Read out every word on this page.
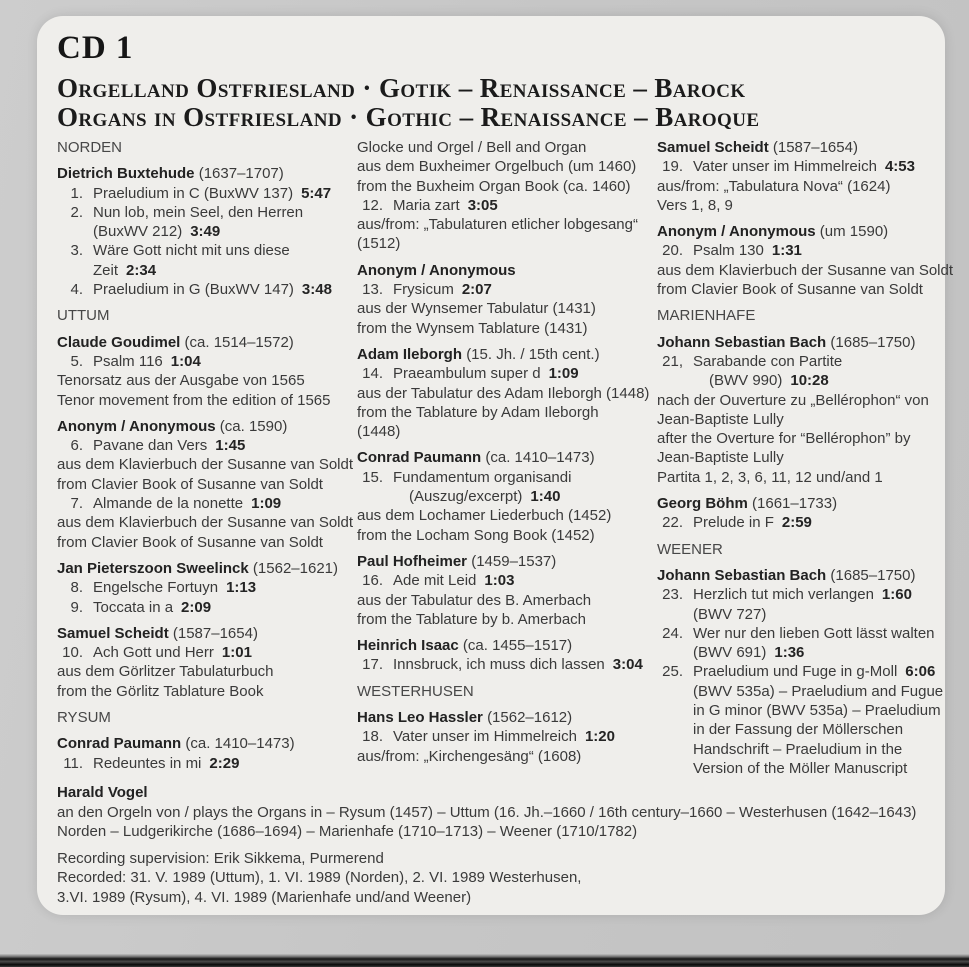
CD 1
Orgelland Ostfriesland · Gotik – Renaissance – Barock
Organs in Ostfriesland · Gothic – Renaissance – Baroque
NORDEN
Dietrich Buxtehude (1637–1707)
1. Praeludium in C (BuxWV 137) 5:47
2. Nun lob, mein Seel, den Herren
(BuxWV 212) 3:49
3. Wäre Gott nicht mit uns diese
Zeit 2:34
4. Praeludium in G (BuxWV 147) 3:48
UTTUM
Claude Goudimel (ca. 1514–1572)
5. Psalm 116 1:04
Tenorsatz aus der Ausgabe von 1565
Tenor movement from the edition of 1565
Anonym / Anonymous (ca. 1590)
6. Pavane dan Vers 1:45
aus dem Klavierbuch der Susanne van Soldt
from Clavier Book of Susanne van Soldt
7. Almande de la nonette 1:09
aus dem Klavierbuch der Susanne van Soldt
from Clavier Book of Susanne van Soldt
Jan Pieterszoon Sweelinck (1562–1621)
8. Engelsche Fortuyn 1:13
9. Toccata in a 2:09
Samuel Scheidt (1587–1654)
10. Ach Gott und Herr 1:01
aus dem Görlitzer Tabulaturbuch
from the Görlitz Tablature Book
RYSUM
Conrad Paumann (ca. 1410–1473)
11. Redeuntes in mi 2:29
Glocke und Orgel / Bell and Organ
aus dem Buxheimer Orgelbuch (um 1460)
from the Buxheim Organ Book (ca. 1460)
12. Maria zart 3:05
aus/from: „Tabulaturen etlicher lobgesang“
(1512)
Anonym / Anonymous
13. Frysicum 2:07
aus der Wynsemer Tabulatur (1431)
from the Wynsem Tablature (1431)
Adam Ileborgh (15. Jh. / 15th cent.)
14. Praeambulum super d 1:09
aus der Tabulatur des Adam Ileborgh (1448)
from the Tablature by Adam Ileborgh
(1448)
Conrad Paumann (ca. 1410–1473)
15. Fundamentum organisandi
(Auszug/excerpt) 1:40
aus dem Lochamer Liederbuch (1452)
from the Locham Song Book (1452)
Paul Hofheimer (1459–1537)
16. Ade mit Leid 1:03
aus der Tabulatur des B. Amerbach
from the Tablature by b. Amerbach
Heinrich Isaac (ca. 1455–1517)
17. Innsbruck, ich muss dich lassen 3:04
WESTERHUSEN
Hans Leo Hassler (1562–1612)
18. Vater unser im Himmelreich 1:20
aus/from: „Kirchengesäng“ (1608)
Samuel Scheidt (1587–1654)
19. Vater unser im Himmelreich 4:53
aus/from: „Tabulatura Nova“ (1624)
Vers 1, 8, 9
Anonym / Anonymous (um 1590)
20. Psalm 130 1:31
aus dem Klavierbuch der Susanne van Soldt
from Clavier Book of Susanne van Soldt
MARIENHAFE
Johann Sebastian Bach (1685–1750)
21, Sarabande con Partite
(BWV 990) 10:28
nach der Ouverture zu „Bellérophon“ von
Jean-Baptiste Lully
after the Overture for “Bellérophon” by
Jean-Baptiste Lully
Partita 1, 2, 3, 6, 11, 12 und/and 1
Georg Böhm (1661–1733)
22. Prelude in F 2:59
WEENER
Johann Sebastian Bach (1685–1750)
23. Herzlich tut mich verlangen 1:60
(BWV 727)
24. Wer nur den lieben Gott lässt walten
(BWV 691) 1:36
25. Praeludium und Fuge in g-Moll 6:06
(BWV 535a) – Praeludium and Fugue
in G minor (BWV 535a) – Praeludium
in der Fassung der Möllerschen
Handschrift – Praeludium in the
Version of the Möller Manuscript
Harald Vogel
an den Orgeln von / plays the Organs in – Rysum (1457) – Uttum (16. Jh.–1660 / 16th century–1660 – Westerhusen (1642–1643)
Norden – Ludgerikirche (1686–1694) – Marienhafe (1710–1713) – Weener (1710/1782)
Recording supervision: Erik Sikkema, Purmerend
Recorded: 31. V. 1989 (Uttum), 1. VI. 1989 (Norden), 2. VI. 1989 Westerhusen,
3.VI. 1989 (Rysum), 4. VI. 1989 (Marienhafe und/and Weener)
